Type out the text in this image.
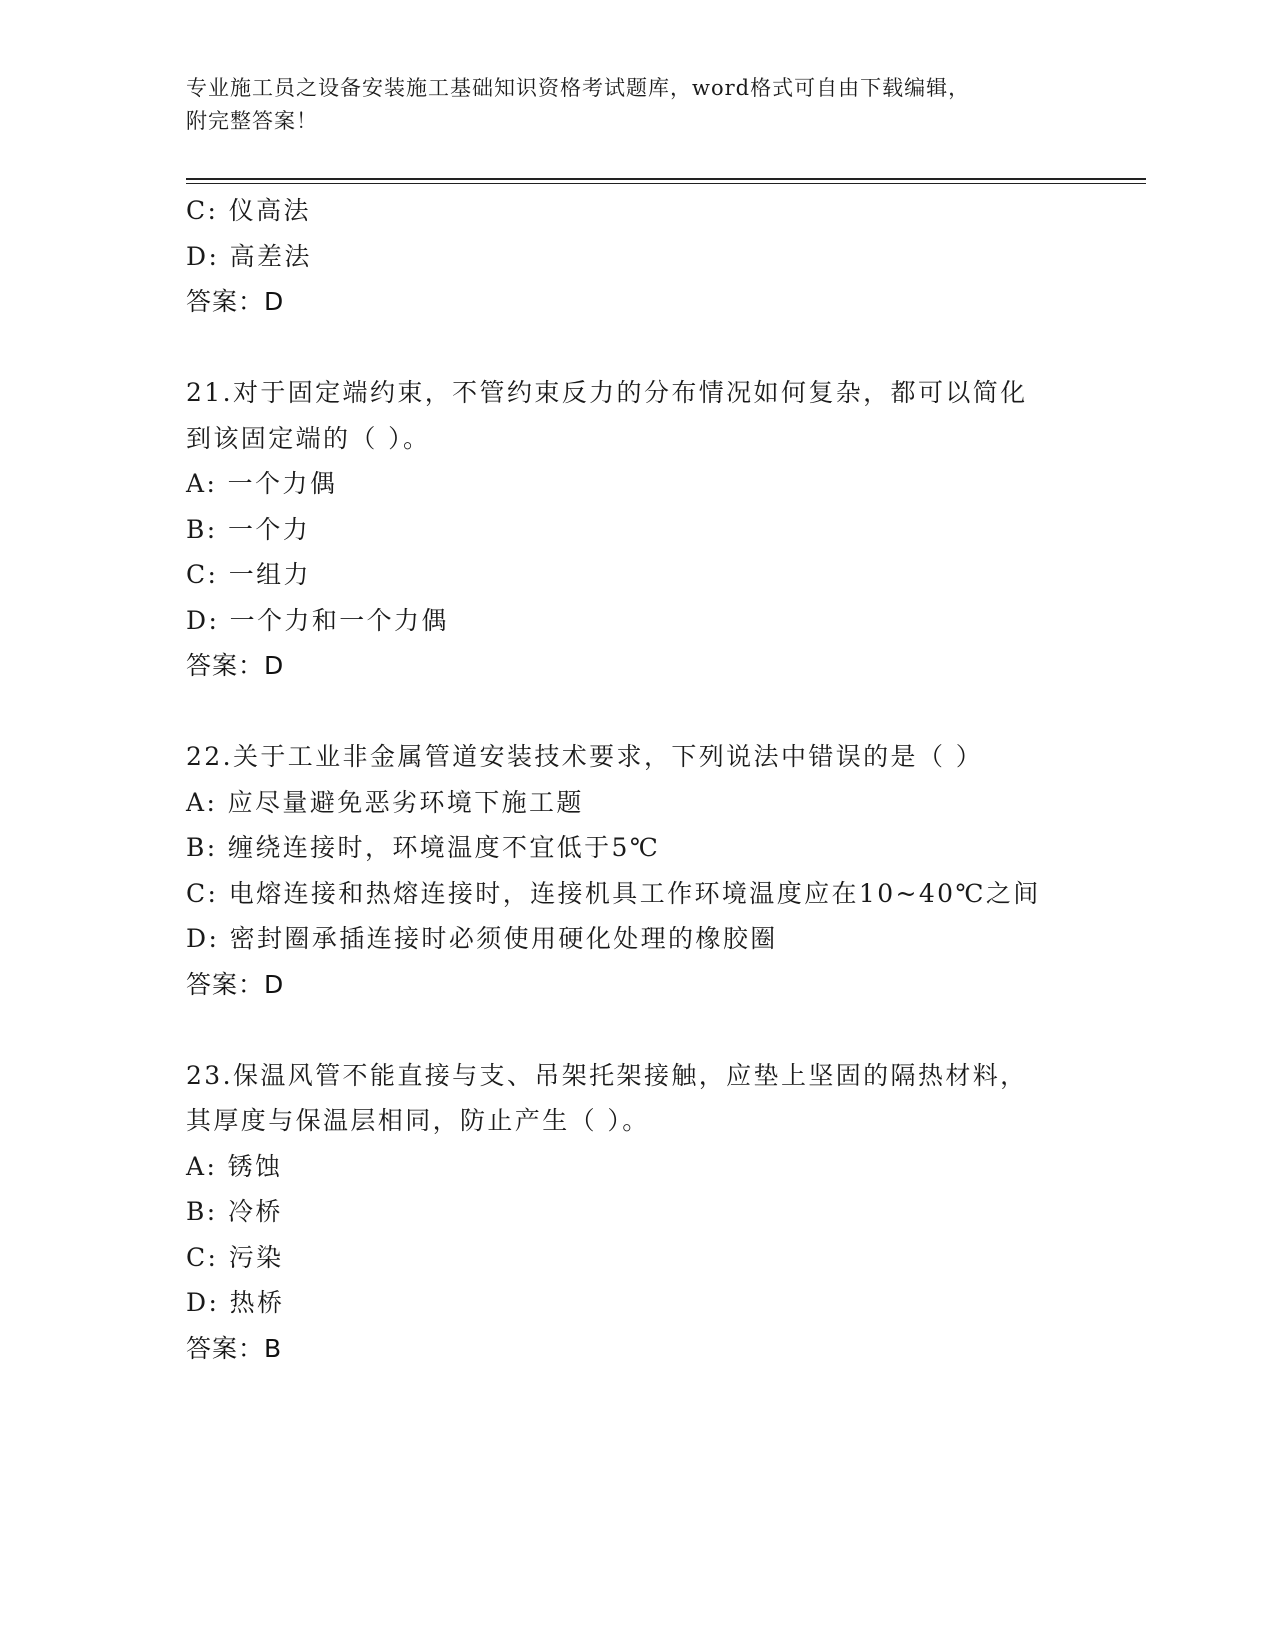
专业施工员之设备安装施工基础知识资格考试题库，word格式可自由下载编辑，
附完整答案！
C: 仪高法
D: 高差法
答案：D
21.对于固定端约束，不管约束反力的分布情况如何复杂，都可以简化
到该固定端的（ ）。
A: 一个力偶
B: 一个力
C: 一组力
D: 一个力和一个力偶
答案：D
22.关于工业非金属管道安装技术要求，下列说法中错误的是（ ）
A: 应尽量避免恶劣环境下施工题
B: 缠绕连接时，环境温度不宜低于5℃
C: 电熔连接和热熔连接时，连接机具工作环境温度应在10~40℃之间
D: 密封圈承插连接时必须使用硬化处理的橡胶圈
答案：D
23.保温风管不能直接与支、吊架托架接触，应垫上坚固的隔热材料，
其厚度与保温层相同，防止产生（ ）。
A: 锈蚀
B: 冷桥
C: 污染
D: 热桥
答案：B
